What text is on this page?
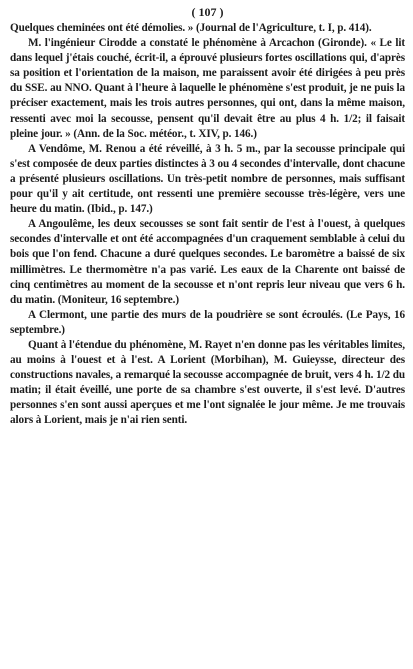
( 107 )

Quelques cheminées ont été démolies. » (Journal de l'Agriculture, t. I, p. 414).

M. l'ingénieur Cirodde a constaté le phénomène à Arcachon (Gironde). « Le lit dans lequel j'étais couché, écrit-il, a éprouvé plusieurs fortes oscillations qui, d'après sa position et l'orientation de la maison, me paraissent avoir été dirigées à peu près du SSE. au NNO. Quant à l'heure à laquelle le phénomène s'est produit, je ne puis la préciser exactement, mais les trois autres personnes, qui ont, dans la même maison, ressenti avec moi la secousse, pensent qu'il devait être au plus 4 h. 1/2; il faisait pleine jour. » (Ann. de la Soc. météor., t. XIV, p. 146.)

A Vendôme, M. Renou a été réveillé, à 3 h. 5 m., par la secousse principale qui s'est composée de deux parties distinctes à 3 ou 4 secondes d'intervalle, dont chacune a présenté plusieurs oscillations. Un très-petit nombre de personnes, mais suffisant pour qu'il y ait certitude, ont ressenti une première secousse très-légère, vers une heure du matin. (Ibid., p. 147.)

A Angoulême, les deux secousses se sont fait sentir de l'est à l'ouest, à quelques secondes d'intervalle et ont été accompagnées d'un craquement semblable à celui du bois que l'on fend. Chacune a duré quelques secondes. Le baromètre a baissé de six millimètres. Le thermomètre n'a pas varié. Les eaux de la Charente ont baissé de cinq centimètres au moment de la secousse et n'ont repris leur niveau que vers 6 h. du matin. (Moniteur, 16 septembre.)

A Clermont, une partie des murs de la poudrière se sont écroulés. (Le Pays, 16 septembre.)

Quant à l'étendue du phénomène, M. Rayet n'en donne pas les véritables limites, au moins à l'ouest et à l'est. A Lorient (Morbihan), M. Guieysse, directeur des constructions navales, a remarqué la secousse accompagnée de bruit, vers 4 h. 1/2 du matin; il était éveillé, une porte de sa chambre s'est ouverte, il s'est levé. D'autres personnes s'en sont aussi aperçues et me l'ont signalée le jour même. Je me trouvais alors à Lorient, mais je n'ai rien senti.
